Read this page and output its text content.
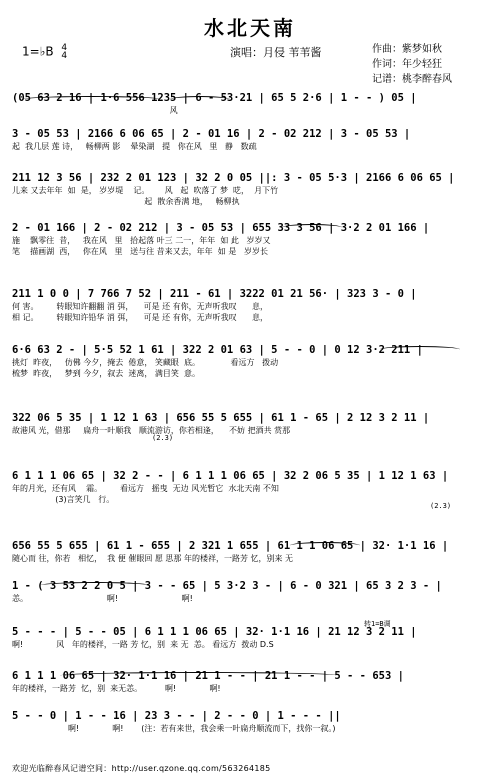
水北天南
1=♭B 4
4	演唱：月侵 苇苇酱	作曲：紫梦如秋
作词：年少轻狂
记谱：桃李醉春风
(05 63 2 16 | 1·6 556 1235 | 6 - 53·21 | 65 5 2·6 | 1 - - ) 05 |
风
3 - 05 53 | 2166 6 06 65 | 2 - 01 16 | 2 - 02 212 | 3 - 05 53 |
起  我几层 莲 诗，   畅柳两 影    晕染湖   提   你在风   里   静   数疏
211 12 3 56 | 232 2 01 123 | 32 2 0 05 ||: 3 - 05 5·3 | 2166 6 06 65 |
儿来 又去年年  如  是， 岁岁堤    记。      风   起  吹落了 梦  呓，  月下竹
起  散余香满 地，   畅柳执
2 - 01 166 | 2 - 02 212 | 3 - 05 53 | 655 33 3 56 | 3·2 2 01 166 |
施    飘零往  昔，   我在风   里   拾起落 叶三 二一，年年  如 此   岁岁又
笔    描画湖  西，   你在风   里   送与往 昔来又去，年年  如 是   岁岁长
211 1 0 0 | 7 766 7 52 | 211 - 61 | 3222 01 21 56· | 323 3 - 0 |
何 害。       转眼知许翻翻 消 弭，    可是 还 有你，无声听我叹      息，
相 记。       转眼知许铅华 消 弭，    可是 还 有你，无声听我叹      息，
6·6 63 2 - | 5·5 52 1 61 | 322 2 01 63 | 5 - - 0 | 0 12 3·2 211 |
挑灯  昨夜，   仿佛 今夕，掩去  倦意， 笑藏眼  底。            看远方   拨动
梳梦  昨夜，   梦到 今夕，叙去  迷离， 满目笑  意。
322 06 5 35 | 1 12 1 63 | 656 55 5 655 | 61 1 - 65 | 2 12 3 2 11 |
故港风 光，借那     扁舟一叶顺我   顺流游访，你若相逢，    不妨 把酒共 赏那
6 1 1 1 06 65 | 32 2 - - | 6 1 1 1 06 65 | 32 2 06 5 35 | 1 12 1 63 |
年的月光，还有风    霜。       看远方   摇曳  无边 风光暂它  水北天南 不知
(3)言笑几   行。
656 55 5 655 | 61 1 - 655 | 2 321 1 655 | 61 1 1 06 65 | 32· 1·1 16 |
随心而 往，你若   相忆，  我 便 催眼回 愿 思那 年的楼祥，一路芳 忆，别来 无
1 - ( 3 53 2 2 0 5 | 3 - - 65 | 5 3·2 3 - | 6 - 0 321 | 65 3 2 3 - |
恙。                               啊!                         啊!
5 - - - | 5 - - 05 | 6 1 1 1 06 65 | 32· 1·1 16 | 21 12 3 2 11 |
啊!             风   年的楼祥，一路 芳 忆，别  来 无  恙。 看远方  拨动 D.S
6 1 1 1 06 65 | 32· 1·1 16 | 21 1 - - | 21 1 - - | 5 - - 653 |
年的楼祥，一路芳  忆，别  来无恙。         啊!             啊!
5 - - 0 | 1 - - 16 | 23 3 - - | 2 - - 0 | 1 - - - ||
啊!             啊!       (注：若有来世，我会乘一叶扁舟顺流而下，找你一叙。)
(2.3)
(2.3)
转1=B调
欢迎光临醉春风记谱空间：http://user.qzone.qq.com/563264185
